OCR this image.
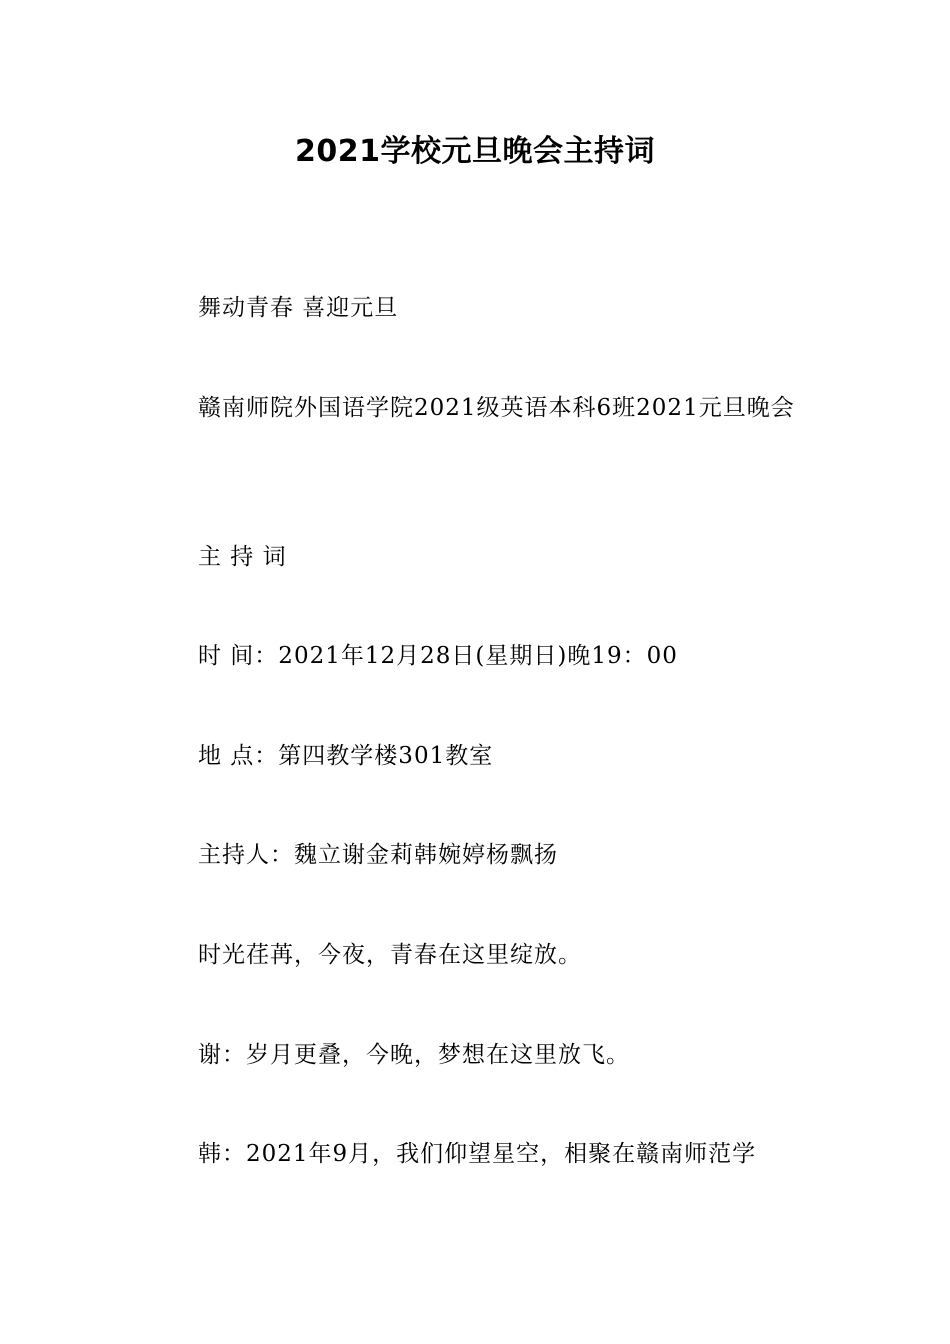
2021学校元旦晚会主持词
舞动青春 喜迎元旦
赣南师院外国语学院2021级英语本科6班2021元旦晚会
主 持 词
时 间：2021年12月28日(星期日)晚19：00
地 点：第四教学楼301教室
主持人：魏立谢金莉韩婉婷杨飘扬
时光荏苒，今夜，青春在这里绽放。
谢：岁月更叠，今晚，梦想在这里放飞。
韩：2021年9月，我们仰望星空，相聚在赣南师范学
